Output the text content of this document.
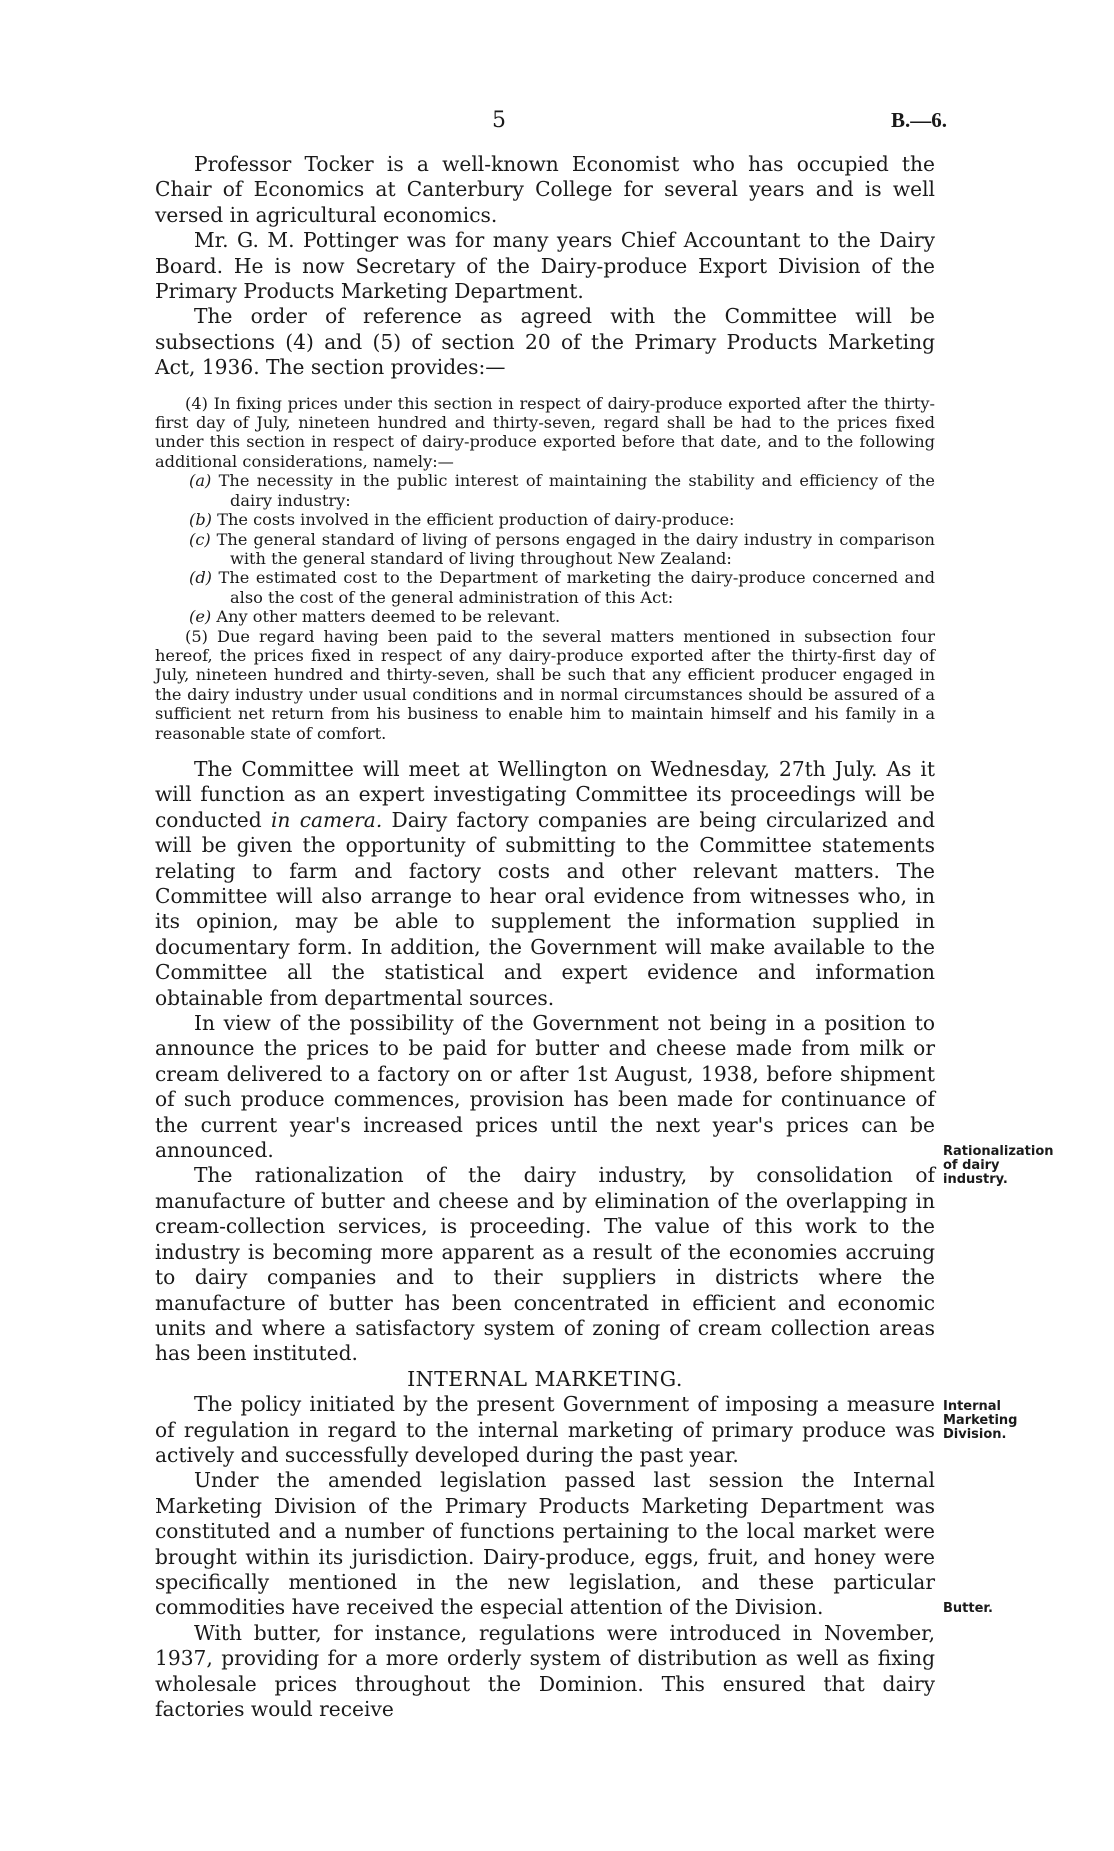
5	B.—6.

Professor Tocker is a well-known Economist who has occupied the Chair of Economics at Canterbury College for several years and is well versed in agricultural economics.

Mr. G. M. Pottinger was for many years Chief Accountant to the Dairy Board. He is now Secretary of the Dairy-produce Export Division of the Primary Products Marketing Department.

The order of reference as agreed with the Committee will be subsections (4) and (5) of section 20 of the Primary Products Marketing Act, 1936. The section provides:—

(4) In fixing prices under this section in respect of dairy-produce exported after the thirty-first day of July, nineteen hundred and thirty-seven, regard shall be had to the prices fixed under this section in respect of dairy-produce exported before that date, and to the following additional considerations, namely:—

(a) The necessity in the public interest of maintaining the stability and efficiency of the dairy industry:

(b) The costs involved in the efficient production of dairy-produce:

(c) The general standard of living of persons engaged in the dairy industry in comparison with the general standard of living throughout New Zealand:

(d) The estimated cost to the Department of marketing the dairy-produce concerned and also the cost of the general administration of this Act:

(e) Any other matters deemed to be relevant.

(5) Due regard having been paid to the several matters mentioned in subsection four hereof, the prices fixed in respect of any dairy-produce exported after the thirty-first day of July, nineteen hundred and thirty-seven, shall be such that any efficient producer engaged in the dairy industry under usual conditions and in normal circumstances should be assured of a sufficient net return from his business to enable him to maintain himself and his family in a reasonable state of comfort.

The Committee will meet at Wellington on Wednesday, 27th July. As it will function as an expert investigating Committee its proceedings will be conducted in camera. Dairy factory companies are being circularized and will be given the opportunity of submitting to the Committee statements relating to farm and factory costs and other relevant matters. The Committee will also arrange to hear oral evidence from witnesses who, in its opinion, may be able to supplement the information supplied in documentary form. In addition, the Government will make available to the Committee all the statistical and expert evidence and information obtainable from departmental sources.

In view of the possibility of the Government not being in a position to announce the prices to be paid for butter and cheese made from milk or cream delivered to a factory on or after 1st August, 1938, before shipment of such produce commences, provision has been made for continuance of the current year's increased prices until the next year's prices can be announced.

The rationalization of the dairy industry, by consolidation of manufacture of butter and cheese and by elimination of the overlapping in cream-collection services, is proceeding. The value of this work to the industry is becoming more apparent as a result of the economies accruing to dairy companies and to their suppliers in districts where the manufacture of butter has been concentrated in efficient and economic units and where a satisfactory system of zoning of cream collection areas has been instituted.

INTERNAL MARKETING.

The policy initiated by the present Government of imposing a measure of regulation in regard to the internal marketing of primary produce was actively and successfully developed during the past year.

Under the amended legislation passed last session the Internal Marketing Division of the Primary Products Marketing Department was constituted and a number of functions pertaining to the local market were brought within its jurisdiction. Dairy-produce, eggs, fruit, and honey were specifically mentioned in the new legislation, and these particular commodities have received the especial attention of the Division.

With butter, for instance, regulations were introduced in November, 1937, providing for a more orderly system of distribution as well as fixing wholesale prices throughout the Dominion. This ensured that dairy factories would receive

Rationalization
of dairy
industry.
Internal
Marketing
Division.
Butter.
